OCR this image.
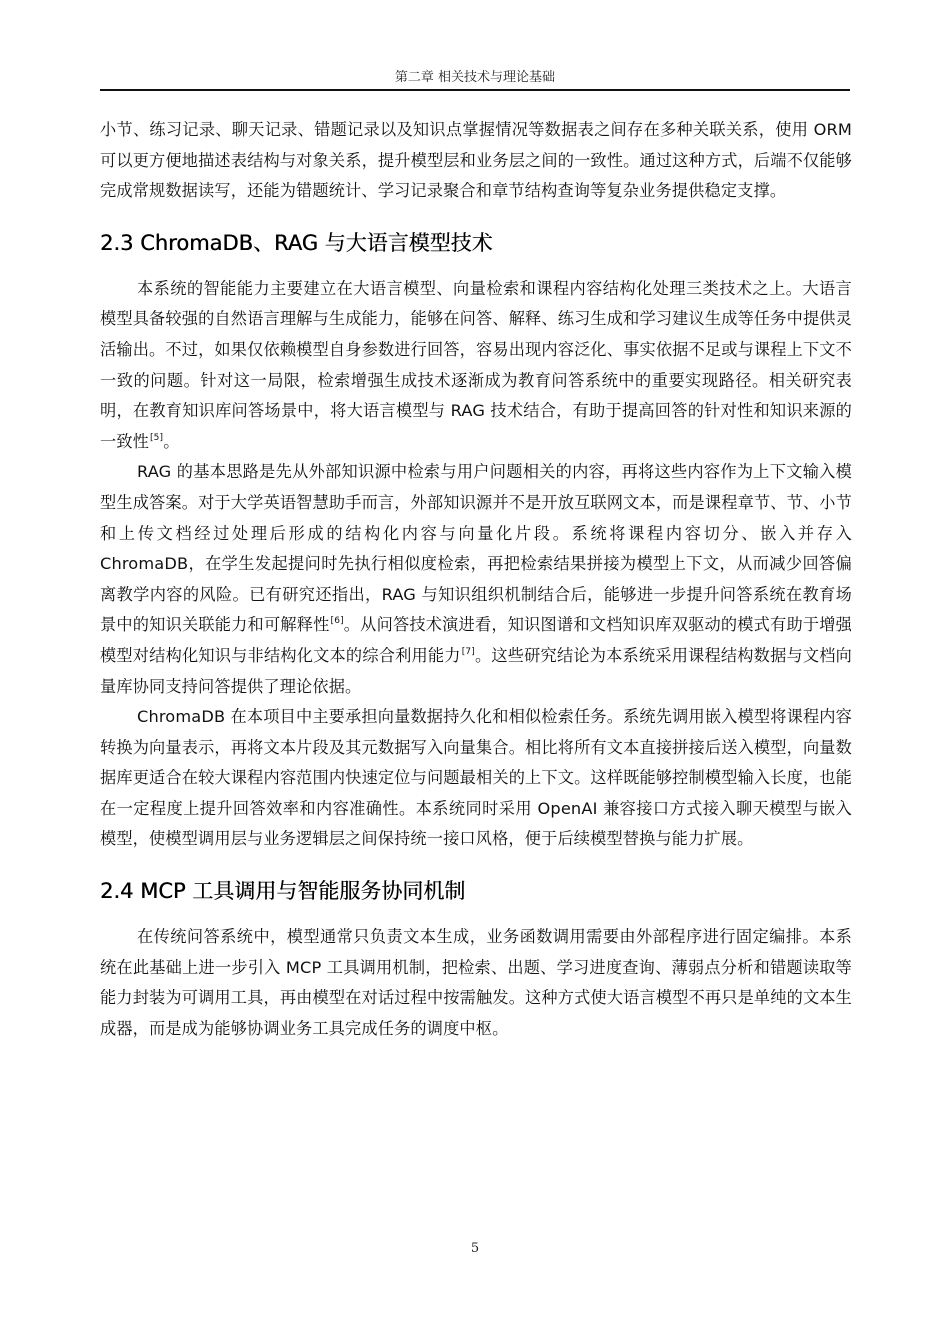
第二章 相关技术与理论基础

小节、练习记录、聊天记录、错题记录以及知识点掌握情况等数据表之间存在多种关联关系，使用 ORM 可以更方便地描述表结构与对象关系，提升模型层和业务层之间的一致性。通过这种方式，后端不仅能够完成常规数据读写，还能为错题统计、学习记录聚合和章节结构查询等复杂业务提供稳定支撑。

2.3 ChromaDB、RAG 与大语言模型技术

本系统的智能能力主要建立在大语言模型、向量检索和课程内容结构化处理三类技术之上。大语言模型具备较强的自然语言理解与生成能力，能够在问答、解释、练习生成和学习建议生成等任务中提供灵活输出。不过，如果仅依赖模型自身参数进行回答，容易出现内容泛化、事实依据不足或与课程上下文不一致的问题。针对这一局限，检索增强生成技术逐渐成为教育问答系统中的重要实现路径。相关研究表明，在教育知识库问答场景中，将大语言模型与 RAG 技术结合，有助于提高回答的针对性和知识来源的一致性[5]。

RAG 的基本思路是先从外部知识源中检索与用户问题相关的内容，再将这些内容作为上下文输入模型生成答案。对于大学英语智慧助手而言，外部知识源并不是开放互联网文本，而是课程章节、节、小节和上传文档经过处理后形成的结构化内容与向量化片段。系统将课程内容切分、嵌入并存入 ChromaDB，在学生发起提问时先执行相似度检索，再把检索结果拼接为模型上下文，从而减少回答偏离教学内容的风险。已有研究还指出，RAG 与知识组织机制结合后，能够进一步提升问答系统在教育场景中的知识关联能力和可解释性[6]。从问答技术演进看，知识图谱和文档知识库双驱动的模式有助于增强模型对结构化知识与非结构化文本的综合利用能力[7]。这些研究结论为本系统采用课程结构数据与文档向量库协同支持问答提供了理论依据。

ChromaDB 在本项目中主要承担向量数据持久化和相似检索任务。系统先调用嵌入模型将课程内容转换为向量表示，再将文本片段及其元数据写入向量集合。相比将所有文本直接拼接后送入模型，向量数据库更适合在较大课程内容范围内快速定位与问题最相关的上下文。这样既能够控制模型输入长度，也能在一定程度上提升回答效率和内容准确性。本系统同时采用 OpenAI 兼容接口方式接入聊天模型与嵌入模型，使模型调用层与业务逻辑层之间保持统一接口风格，便于后续模型替换与能力扩展。

2.4 MCP 工具调用与智能服务协同机制

在传统问答系统中，模型通常只负责文本生成，业务函数调用需要由外部程序进行固定编排。本系统在此基础上进一步引入 MCP 工具调用机制，把检索、出题、学习进度查询、薄弱点分析和错题读取等能力封装为可调用工具，再由模型在对话过程中按需触发。这种方式使大语言模型不再只是单纯的文本生成器，而是成为能够协调业务工具完成任务的调度中枢。

5
